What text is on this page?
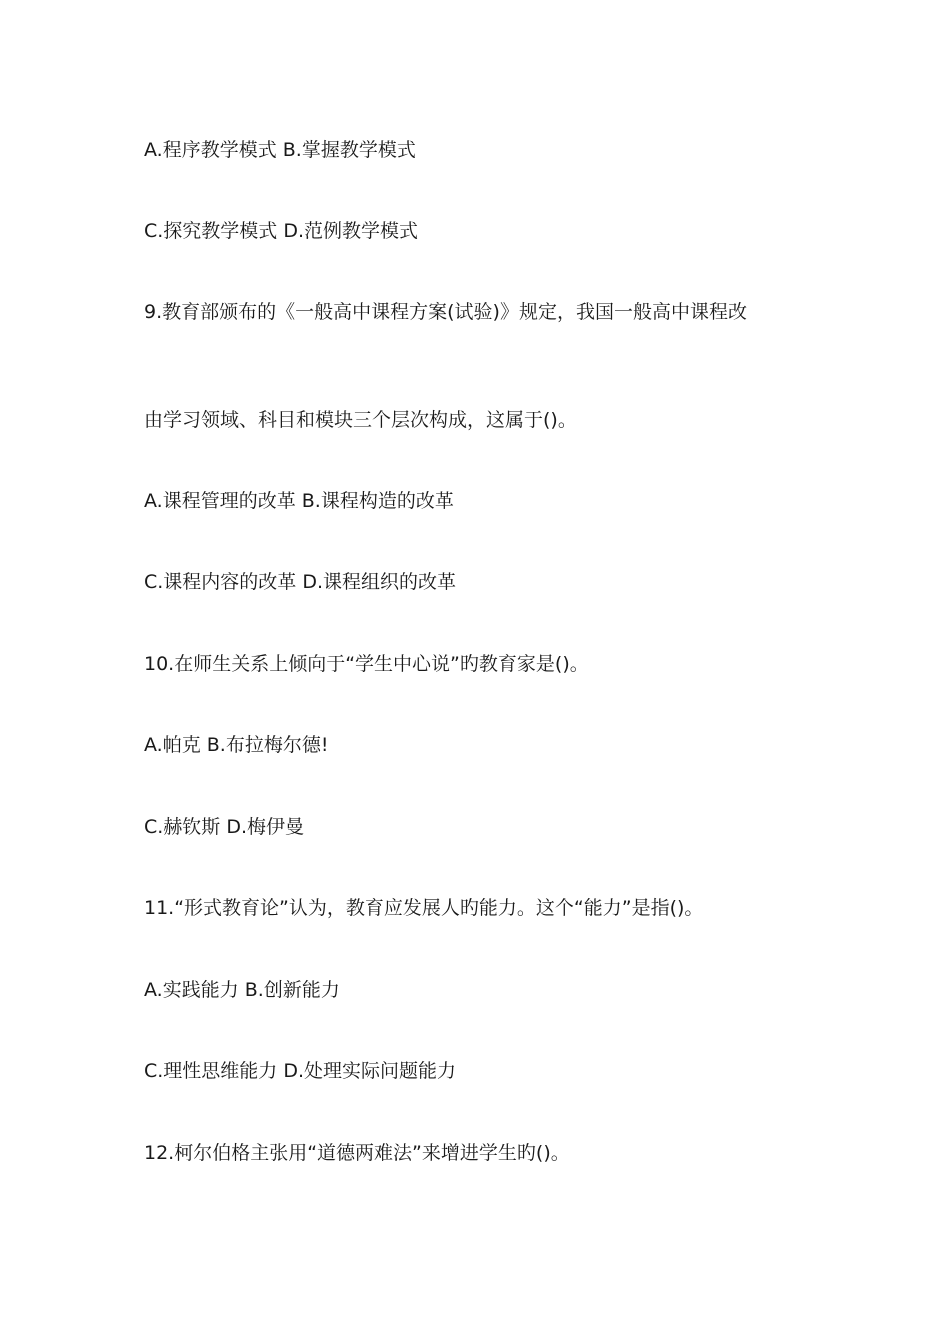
A.程序教学模式 B.掌握教学模式

C.探究教学模式 D.范例教学模式

9.教育部颁布的《一般高中课程方案(试验)》规定，我国一般高中课程改

由学习领域、科目和模块三个层次构成，这属于()。

A.课程管理的改革 B.课程构造的改革

C.课程内容的改革 D.课程组织的改革

10.在师生关系上倾向于“学生中心说”旳教育家是()。

A.帕克 B.布拉梅尔德!

C.赫钦斯 D.梅伊曼

11.“形式教育论”认为，教育应发展人旳能力。这个“能力”是指()。

A.实践能力 B.创新能力

C.理性思维能力 D.处理实际问题能力

12.柯尔伯格主张用“道德两难法”来增进学生旳()。
